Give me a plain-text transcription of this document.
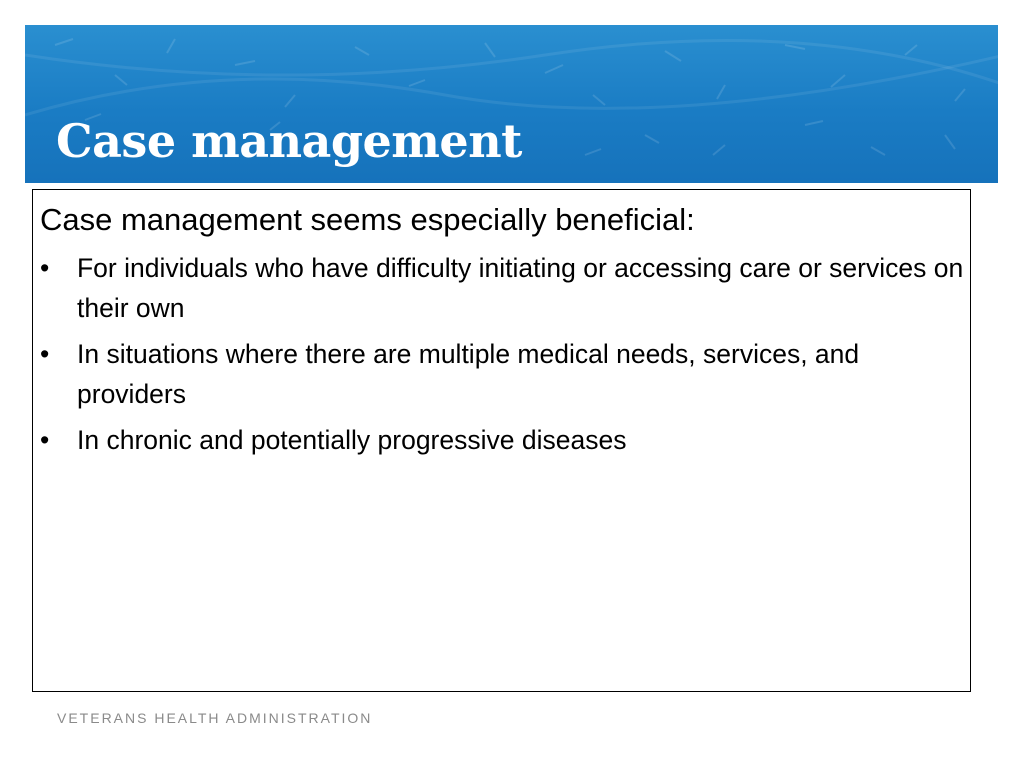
Case management

Case management seems especially beneficial:

•	For individuals who have difficulty initiating or accessing care or services on their own
•	In situations where there are multiple medical needs, services, and providers
•	In chronic and potentially progressive diseases

VETERANS HEALTH ADMINISTRATION
